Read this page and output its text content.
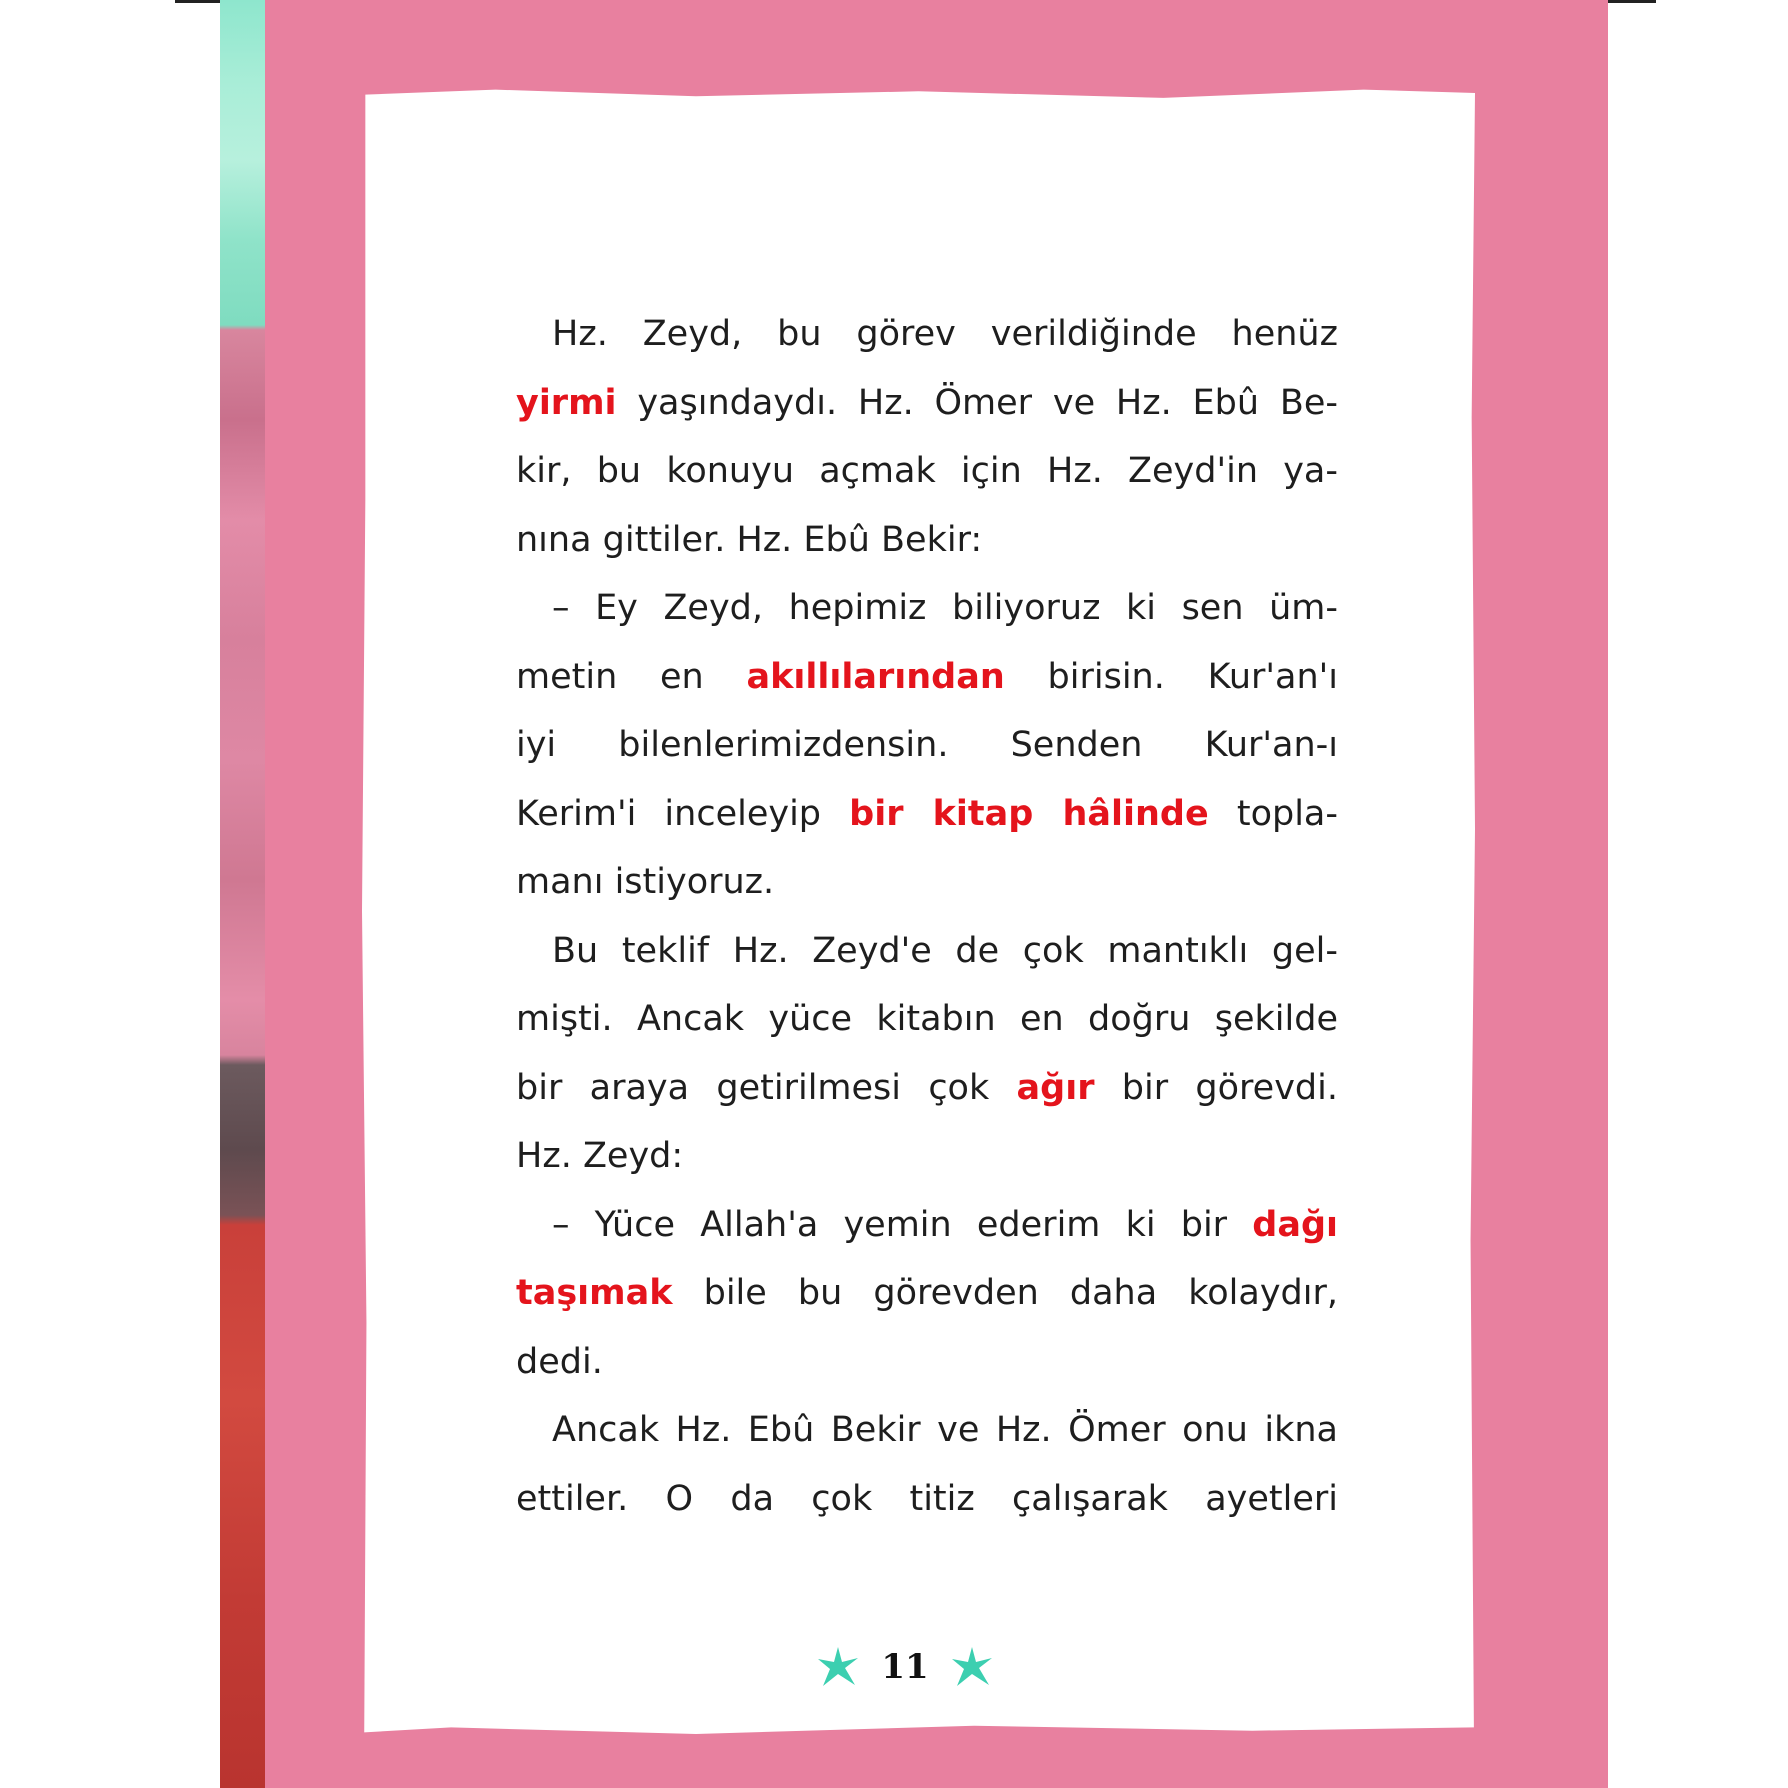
Hz. Zeyd, bu görev verildiğinde henüz
yirmi yaşındaydı. Hz. Ömer ve Hz. Ebû Be-
kir, bu konuyu açmak için Hz. Zeyd'in ya-
nına gittiler. Hz. Ebû Bekir:
– Ey Zeyd, hepimiz biliyoruz ki sen üm-
metin en akıllılarından birisin. Kur'an'ı
iyi bilenlerimizdensin. Senden Kur'an-ı
Kerim'i inceleyip bir kitap hâlinde topla-
manı istiyoruz.
Bu teklif Hz. Zeyd'e de çok mantıklı gel-
mişti. Ancak yüce kitabın en doğru şekilde
bir araya getirilmesi çok ağır bir görevdi.
Hz. Zeyd:
– Yüce Allah'a yemin ederim ki bir dağı
taşımak bile bu görevden daha kolaydır,
dedi.
Ancak Hz. Ebû Bekir ve Hz. Ömer onu ikna
ettiler. O da çok titiz çalışarak ayetleri
11
